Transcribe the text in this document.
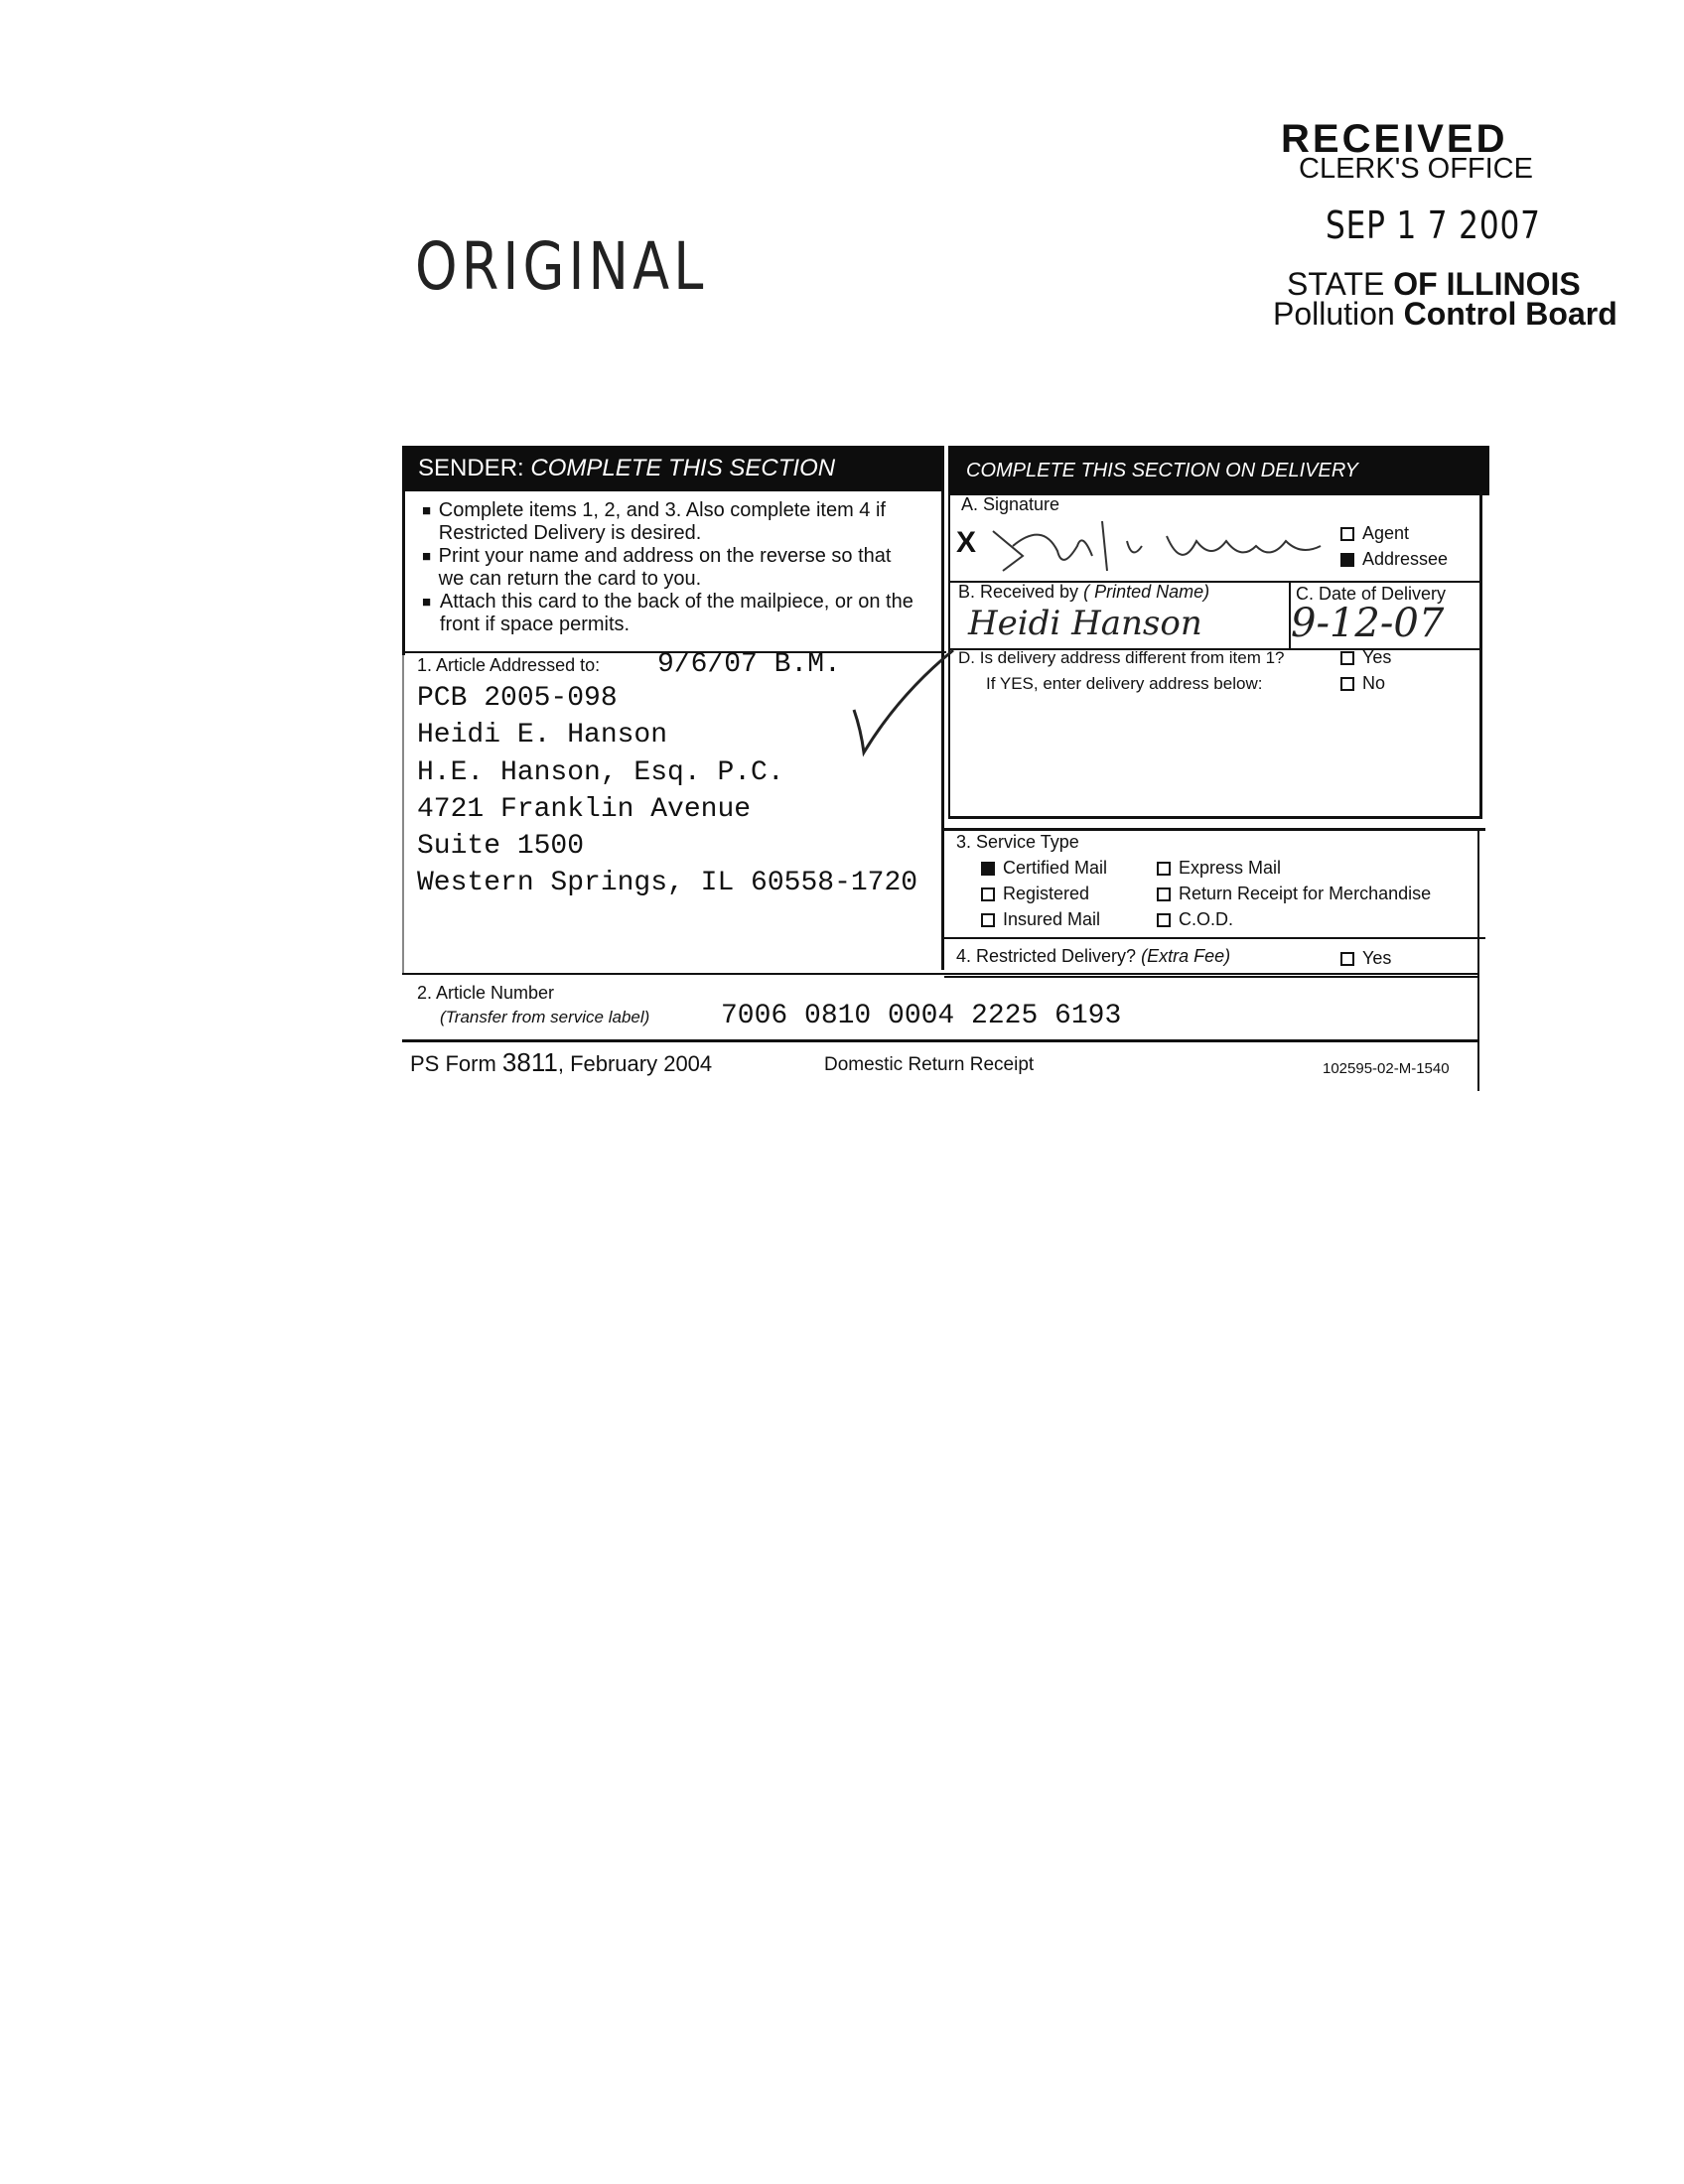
RECEIVED
CLERK'S OFFICE
SEP 1 7 2007
STATE OF ILLINOIS
Pollution Control Board
ORIGINAL
SENDER: COMPLETE THIS SECTION	COMPLETE THIS SECTION ON DELIVERY
■ Complete items 1, 2, and 3. Also complete item 4 if Restricted Delivery is desired.
■ Print your name and address on the reverse so that we can return the card to you.
■ Attach this card to the back of the mailpiece, or on the front if space permits.
1. Article Addressed to: 9/6/07 B.M.
PCB 2005-098
Heidi E. Hanson
H.E. Hanson, Esq. P.C.
4721 Franklin Avenue
Suite 1500
Western Springs, IL 60558-1720
A. Signature
X	Agent
Addressee
B. Received by ( Printed Name)
Heidi Hanson
C. Date of Delivery
9-12-07
D. Is delivery address different from item 1?	Yes
If YES, enter delivery address below:	No
3. Service Type
Certified Mail	Express Mail
Registered	Return Receipt for Merchandise
Insured Mail	C.O.D.
4. Restricted Delivery? (Extra Fee)	Yes
2. Article Number
(Transfer from service label)	7006 0810 0004 2225 6193
PS Form 3811, February 2004	Domestic Return Receipt	102595-02-M-1540
